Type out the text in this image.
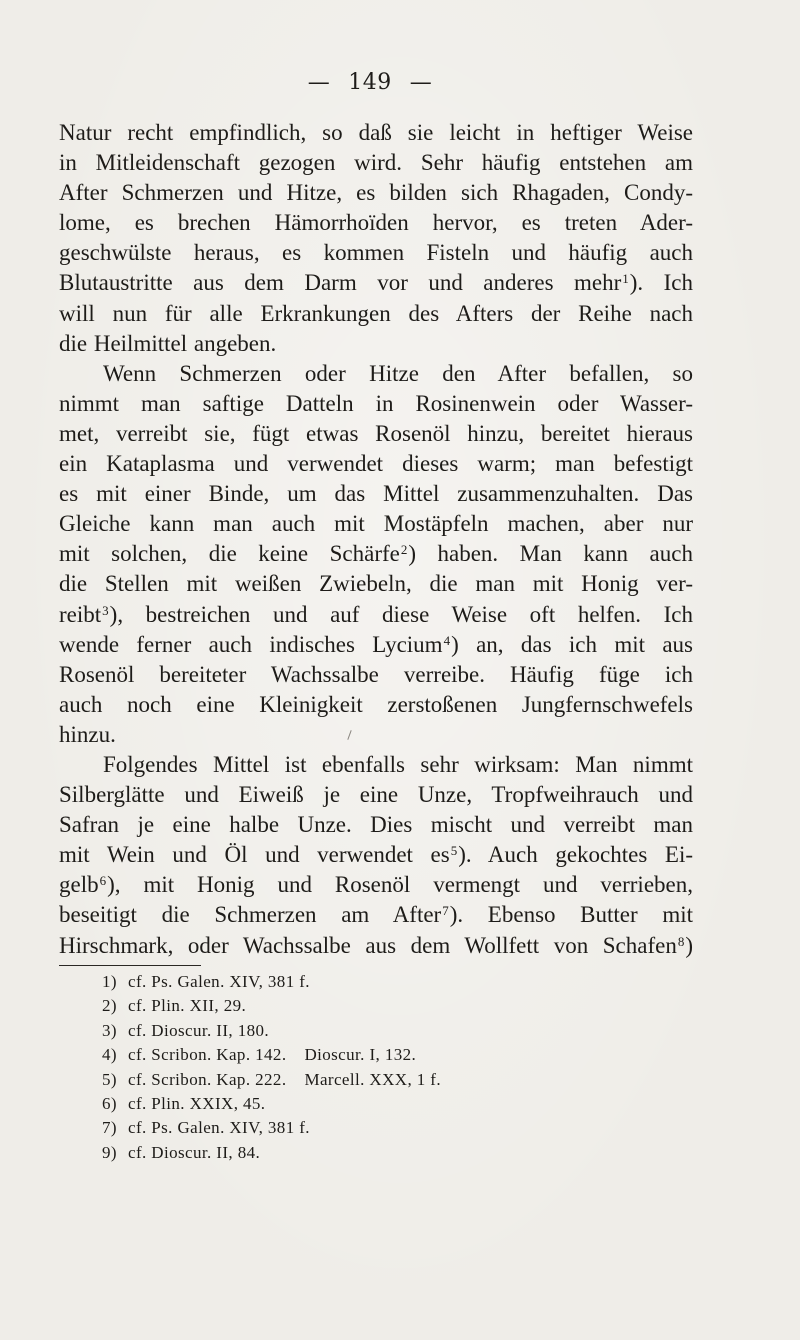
— 149 —
Natur recht empfindlich, so daß sie leicht in heftiger Weise
in Mitleidenschaft gezogen wird. Sehr häufig entstehen am
After Schmerzen und Hitze, es bilden sich Rhagaden, Condy-
lome, es brechen Hämorrhoïden hervor, es treten Ader-
geschwülste heraus, es kommen Fisteln und häufig auch
Blutaustritte aus dem Darm vor und anderes mehr$^1$). Ich
will nun für alle Erkrankungen des Afters der Reihe nach
die Heilmittel angeben.
Wenn Schmerzen oder Hitze den After befallen, so
nimmt man saftige Datteln in Rosinenwein oder Wasser-
met, verreibt sie, fügt etwas Rosenöl hinzu, bereitet hieraus
ein Kataplasma und verwendet dieses warm; man befestigt
es mit einer Binde, um das Mittel zusammenzuhalten. Das
Gleiche kann man auch mit Mostäpfeln machen, aber nur
mit solchen, die keine Schärfe$^2$) haben. Man kann auch
die Stellen mit weißen Zwiebeln, die man mit Honig ver-
reibt$^3$), bestreichen und auf diese Weise oft helfen. Ich
wende ferner auch indisches Lycium$^4$) an, das ich mit aus
Rosenöl bereiteter Wachssalbe verreibe. Häufig füge ich
auch noch eine Kleinigkeit zerstoßenen Jungfernschwefels
hinzu.
Folgendes Mittel ist ebenfalls sehr wirksam: Man nimmt
Silberglätte und Eiweiß je eine Unze, Tropfweihrauch und
Safran je eine halbe Unze. Dies mischt und verreibt man
mit Wein und Öl und verwendet $es^5$). Auch gekochtes Ei-
gelb$^6$), mit Honig und Rosenöl vermengt und verrieben,
beseitigt die Schmerzen am After$^7$). Ebenso Butter mit
Hirschmark, oder Wachssalbe aus dem Wollfett von Schafen$^8$)
1) cf. Ps. Galen. XIV, 381 f.
2) cf. Plin. XII, 29.
3) cf. Dioscur. II, 180.
4) cf. Scribon. Kap. 142. Dioscur. I, 132.
5) cf. Scribon. Kap. 222. Marcell. XXX, 1 f.
6) cf. Plin. XXIX, 45.
7) cf. Ps. Galen. XIV, 381 f.
9) cf. Dioscur. II, 84.
